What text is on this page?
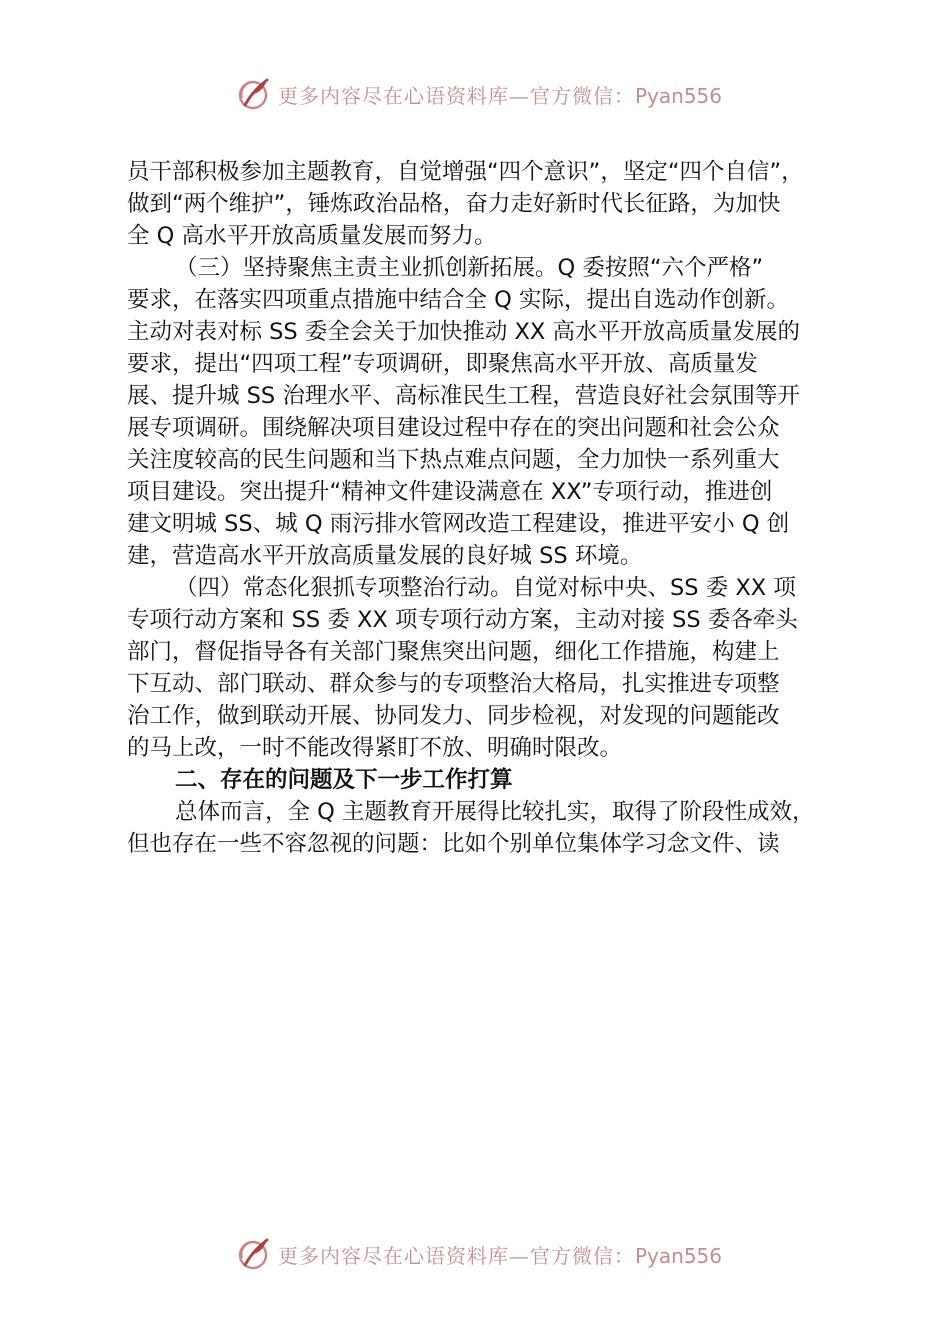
更多内容尽在心语资料库—官方微信：Pyan556
员干部积极参加主题教育，自觉增强“四个意识”，坚定“四个自信”，
做到“两个维护”，锤炼政治品格，奋力走好新时代长征路，为加快
全 Q 高水平开放高质量发展而努力。
（三）坚持聚焦主责主业抓创新拓展。Q 委按照“六个严格”
要求，在落实四项重点措施中结合全 Q 实际，提出自选动作创新。
主动对表对标 SS 委全会关于加快推动 XX 高水平开放高质量发展的
要求，提出“四项工程”专项调研，即聚焦高水平开放、高质量发
展、提升城 SS 治理水平、高标准民生工程，营造良好社会氛围等开
展专项调研。围绕解决项目建设过程中存在的突出问题和社会公众
关注度较高的民生问题和当下热点难点问题，全力加快一系列重大
项目建设。突出提升“精神文件建设满意在 XX”专项行动，推进创
建文明城 SS、城 Q 雨污排水管网改造工程建设，推进平安小 Q 创
建，营造高水平开放高质量发展的良好城 SS 环境。
（四）常态化狠抓专项整治行动。自觉对标中央、SS 委 XX 项
专项行动方案和 SS 委 XX 项专项行动方案，主动对接 SS 委各牵头
部门，督促指导各有关部门聚焦突出问题，细化工作措施，构建上
下互动、部门联动、群众参与的专项整治大格局，扎实推进专项整
治工作，做到联动开展、协同发力、同步检视，对发现的问题能改
的马上改，一时不能改得紧盯不放、明确时限改。
二、存在的问题及下一步工作打算
总体而言，全 Q 主题教育开展得比较扎实，取得了阶段性成效，
但也存在一些不容忽视的问题：比如个别单位集体学习念文件、读
更多内容尽在心语资料库—官方微信：Pyan556
